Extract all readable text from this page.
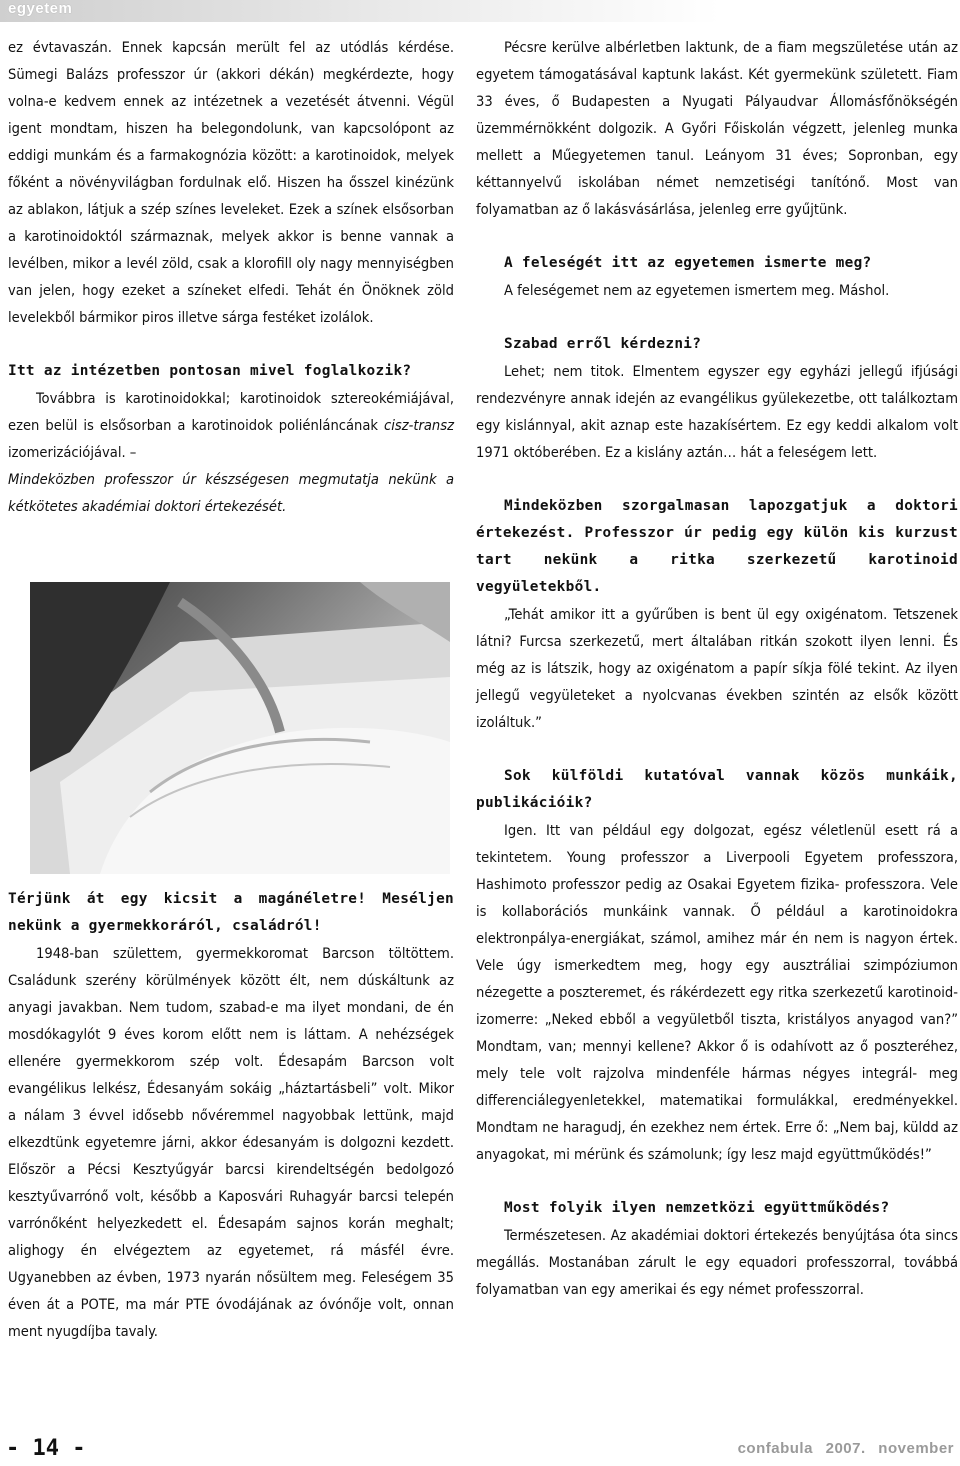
egyetem

ez évtavaszán. Ennek kapcsán merült fel az utódlás kérdése. Sümegi Balázs professzor úr (akkori dékán) megkérdezte, hogy volna-e kedvem ennek az intézetnek a vezetését átvenni. Végül igent mondtam, hiszen ha belegondolunk, van kapcsolópont az eddigi munkám és a farmakognózia között: a karotinoidok, melyek főként a növényvilágban fordulnak elő. Hiszen ha ősszel kinézünk az ablakon, látjuk a szép színes leveleket. Ezek a színek elsősorban a karotinoidoktól származnak, melyek akkor is benne vannak a levélben, mikor a levél zöld, csak a klorofill oly nagy mennyiségben van jelen, hogy ezeket a színeket elfedi. Tehát én Önöknek zöld levelekből bármikor piros illetve sárga festéket izolálok.

Itt az intézetben pontosan mivel foglalkozik?

Továbbra is karotinoidokkal; karotinoidok sztereokémiájával, ezen belül is elsősorban a karotinoidok poliénláncának cisz-transz izomerizációjával. –

Mindeközben professzor úr készségesen megmutatja nekünk a kétkötetes akadémiai doktori értekezését.

Térjünk át egy kicsit a magánéletre! Meséljen nekünk a gyermekkoráról, családról!

1948-ban születtem, gyermekkoromat Barcson töltöttem. Családunk szerény körülmények között élt, nem dúskáltunk az anyagi javakban. Nem tudom, szabad-e ma ilyet mondani, de én mosdókagylót 9 éves korom előtt nem is láttam. A nehézségek ellenére gyermekkorom szép volt. Édesapám Barcson volt evangélikus lelkész, Édesanyám sokáig „háztartásbeli” volt. Mikor a nálam 3 évvel idősebb nővéremmel nagyobbak lettünk, majd elkezdtünk egyetemre járni, akkor édesanyám is dolgozni kezdett. Először a Pécsi Kesztyűgyár barcsi kirendeltségén bedolgozó kesztyűvarrónő volt, később a Kaposvári Ruhagyár barcsi telepén varrónőként helyezkedett el. Édesapám sajnos korán meghalt; alighogy én elvégeztem az egyetemet, rá másfél évre. Ugyanebben az évben, 1973 nyarán nősültem meg. Feleségem 35 éven át a POTE, ma már PTE óvodájának az óvónője volt, onnan ment nyugdíjba tavaly.

Pécsre kerülve albérletben laktunk, de a fiam megszületése után az egyetem támogatásával kaptunk lakást. Két gyermekünk született. Fiam 33 éves, ő Budapesten a Nyugati Pályaudvar Állomásfőnökségén üzemmérnökként dolgozik. A Győri Főiskolán végzett, jelenleg munka mellett a Műegyetemen tanul. Leányom 31 éves; Sopronban, egy kéttannyelvű iskolában német nemzetiségi tanítónő. Most van folyamatban az ő lakásvásárlása, jelenleg erre gyűjtünk.

A feleségét itt az egyetemen ismerte meg?

A feleségemet nem az egyetemen ismertem meg. Máshol.

Szabad erről kérdezni?

Lehet; nem titok. Elmentem egyszer egy egyházi jellegű ifjúsági rendezvényre annak idején az evangélikus gyülekezetbe, ott találkoztam egy kislánnyal, akit aznap este hazakísértem. Ez egy keddi alkalom volt 1971 októberében. Ez a kislány aztán… hát a feleségem lett.

Mindeközben szorgalmasan lapozgatjuk a doktori értekezést. Professzor úr pedig egy külön kis kurzust tart nekünk a ritka szerkezetű karotinoid vegyületekből.

„Tehát amikor itt a gyűrűben is bent ül egy oxigénatom. Tetszenek látni? Furcsa szerkezetű, mert általában ritkán szokott ilyen lenni. És még az is látszik, hogy az oxigénatom a papír síkja fölé tekint. Az ilyen jellegű vegyületeket a nyolcvanas években szintén az elsők között izoláltuk.”

Sok külföldi kutatóval vannak közös munkáik, publikációik?

Igen. Itt van például egy dolgozat, egész véletlenül esett rá a tekintetem. Young professzor a Liverpooli Egyetem professzora, Hashimoto professzor pedig az Osakai Egyetem fizika- professzora. Vele is kollaborációs munkáink vannak. Ő például a karotinoidokra elektronpálya-energiákat, számol, amihez már én nem is nagyon értek. Vele úgy ismerkedtem meg, hogy egy ausztráliai szimpóziumon nézegette a poszteremet, és rákérdezett egy ritka szerkezetű karotinoid-izomerre: „Neked ebből a vegyületből tiszta, kristályos anyagod van?” Mondtam, van; mennyi kellene? Akkor ő is odahívott az ő poszteréhez, mely tele volt rajzolva mindenféle hármas négyes integrál- meg differenciálegyenletekkel, matematikai formulákkal, eredményekkel. Mondtam ne haragudj, én ezekhez nem értek. Erre ő: „Nem baj, küldd az anyagokat, mi mérünk és számolunk; így lesz majd együttműködés!”

Most folyik ilyen nemzetközi együttműködés?

Természetesen. Az akadémiai doktori értekezés benyújtása óta sincs megállás. Mostanában zárult le egy equadori professzorral, továbbá folyamatban van egy amerikai és egy német professzorral.

- 14 -	confabula 2007. november
